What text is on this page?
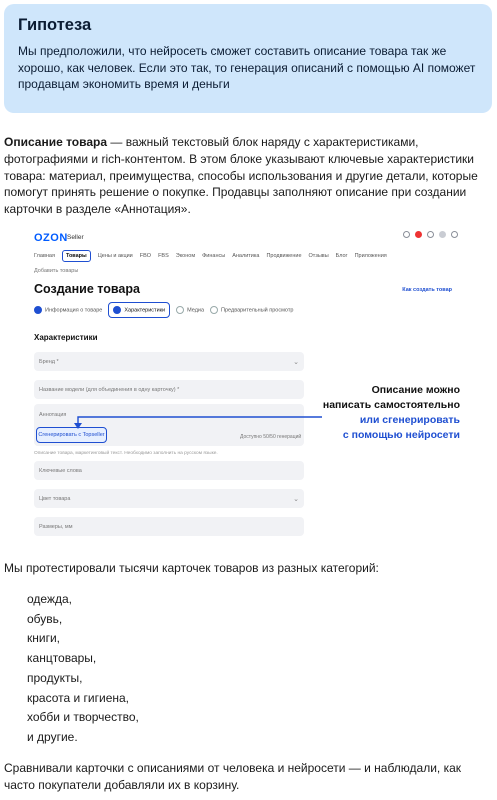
Гипотеза
Мы предположили, что нейросеть сможет составить описание товара так же хорошо, как человек. Если это так, то генерация описаний с помощью AI поможет продавцам экономить время и деньги

Описание товара — важный текстовый блок наряду с характеристиками, фотографиями и rich-контентом. В этом блоке указывают ключевые характеристики товара: материал, преимущества, способы использования и другие детали, которые помогут принять решение о покупке. Продавцы заполняют описание при создании карточки в разделе «Аннотация».

OZON Seller
Главная	Товары	Цены и акции FBO FBS Эконом Финансы Аналитика Продвижение Отзывы Блог Приложения
Добавить товары
Создание товара	Как создать товар
Информация о товаре	Характеристики	Медиа	Предварительный просмотр
Характеристики
Бренд *	⌄
Название модели (для объединения в одну карточку) *
Аннотация
Сгенерировать с Topseller	Доступно 50/50 генераций
Описание товара, маркетинговый текст. Необходимо заполнить на русском языке.
Ключевые слова
Цвет товара	⌄
Размеры, мм
Описание можно
написать самостоятельно
или сгенерировать
с помощью нейросети

Мы протестировали тысячи карточек товаров из разных категорий:

одежда,
обувь,
книги,
канцтовары,
продукты,
красота и гигиена,
хобби и творчество,
и другие.

Сравнивали карточки с описаниями от человека и нейросети — и наблюдали, как часто покупатели добавляли их в корзину.
